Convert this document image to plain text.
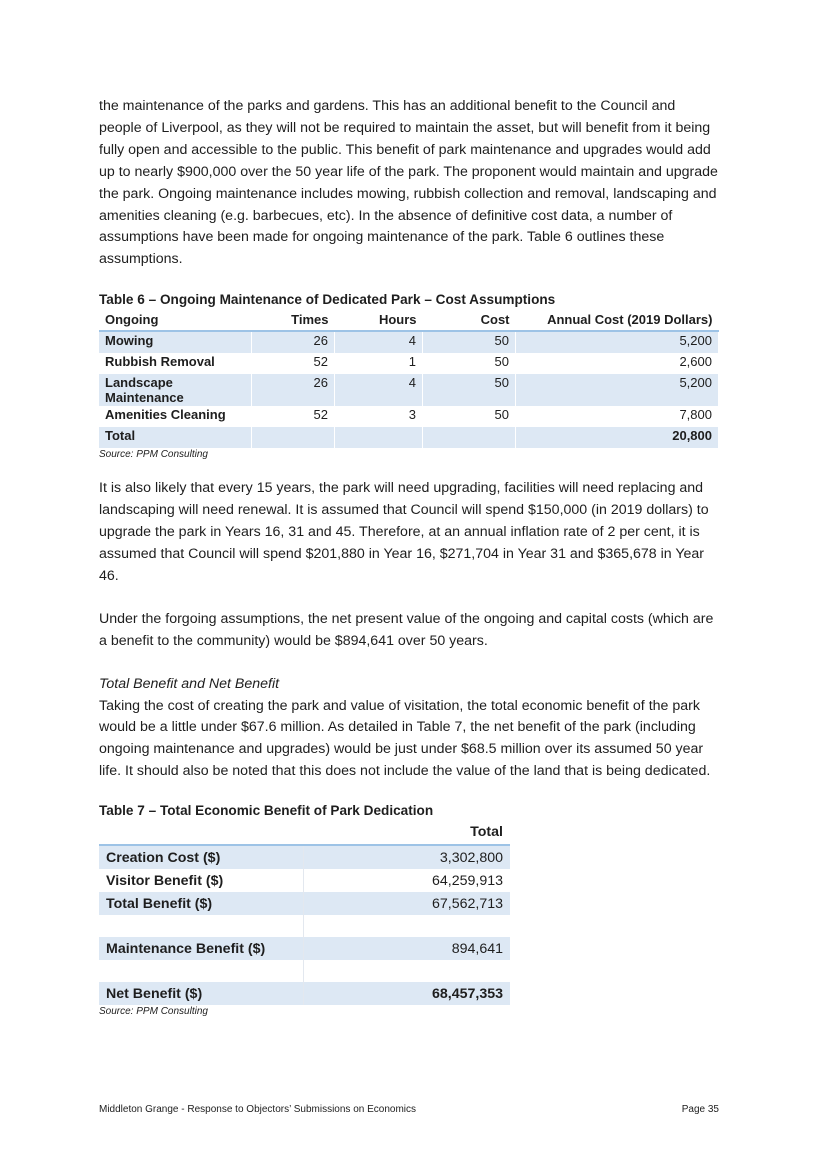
the maintenance of the parks and gardens. This has an additional benefit to the Council and people of Liverpool, as they will not be required to maintain the asset, but will benefit from it being fully open and accessible to the public. This benefit of park maintenance and upgrades would add up to nearly $900,000 over the 50 year life of the park. The proponent would maintain and upgrade the park. Ongoing maintenance includes mowing, rubbish collection and removal, landscaping and amenities cleaning (e.g. barbecues, etc). In the absence of definitive cost data, a number of assumptions have been made for ongoing maintenance of the park. Table 6 outlines these assumptions.

Table 6 – Ongoing Maintenance of Dedicated Park – Cost Assumptions

Ongoing	Times	Hours	Cost	Annual Cost (2019 Dollars)
Mowing	26	4	50	5,200
Rubbish Removal	52	1	50	2,600
Landscape Maintenance	26	4	50	5,200
Amenities Cleaning	52	3	50	7,800
Total				20,800

Source: PPM Consulting

It is also likely that every 15 years, the park will need upgrading, facilities will need replacing and landscaping will need renewal. It is assumed that Council will spend $150,000 (in 2019 dollars) to upgrade the park in Years 16, 31 and 45. Therefore, at an annual inflation rate of 2 per cent, it is assumed that Council will spend $201,880 in Year 16, $271,704 in Year 31 and $365,678 in Year 46.

Under the forgoing assumptions, the net present value of the ongoing and capital costs (which are a benefit to the community) would be $894,641 over 50 years.

Total Benefit and Net Benefit

Taking the cost of creating the park and value of visitation, the total economic benefit of the park would be a little under $67.6 million. As detailed in Table 7, the net benefit of the park (including ongoing maintenance and upgrades) would be just under $68.5 million over its assumed 50 year life. It should also be noted that this does not include the value of the land that is being dedicated.

Table 7 – Total Economic Benefit of Park Dedication

	Total
Creation Cost ($)	3,302,800
Visitor Benefit ($)	64,259,913
Total Benefit ($)	67,562,713

Maintenance Benefit ($)	894,641

Net Benefit ($)	68,457,353

Source: PPM Consulting

Middleton Grange - Response to Objectors’ Submissions on Economics	Page 35
